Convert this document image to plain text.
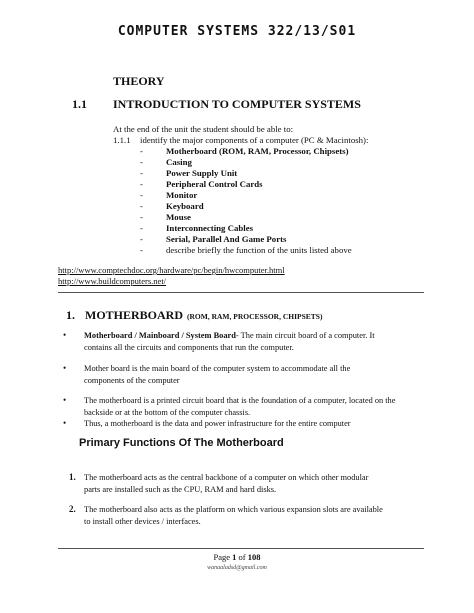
COMPUTER SYSTEMS 322/13/S01
THEORY
1.1 INTRODUCTION TO COMPUTER SYSTEMS
At the end of the unit the student should be able to:
1.1.1 identify the major components of a computer (PC & Macintosh):
-	Motherboard (ROM, RAM, Processor, Chipsets)
-	Casing
-	Power Supply Unit
-	Peripheral Control Cards
-	Monitor
-	Keyboard
-	Mouse
-	Interconnecting Cables
-	Serial, Parallel And Game Ports
-	describe briefly the function of the units listed above
http://www.comptechdoc.org/hardware/pc/begin/hwcomputer.html
http://www.buildcomputers.net/
1. MOTHERBOARD (ROM, RAM, PROCESSOR, CHIPSETS)
• Motherboard / Mainboard / System Board- The main circuit board of a computer. It
contains all the circuits and components that run the computer.
• Mother board is the main board of the computer system to accommodate all the
components of the computer
• The motherboard is a printed circuit board that is the foundation of a computer, located on the
backside or at the bottom of the computer chassis.
• Thus, a motherboard is the data and power infrastructure for the entire computer
Primary Functions Of The Motherboard
1. The motherboard acts as the central backbone of a computer on which other modular
parts are installed such as the CPU, RAM and hard disks.
2. The motherboard also acts as the platform on which various expansion slots are available
to install other devices / interfaces.
Page 1 of 108
wanaaladsd@gmail.com
